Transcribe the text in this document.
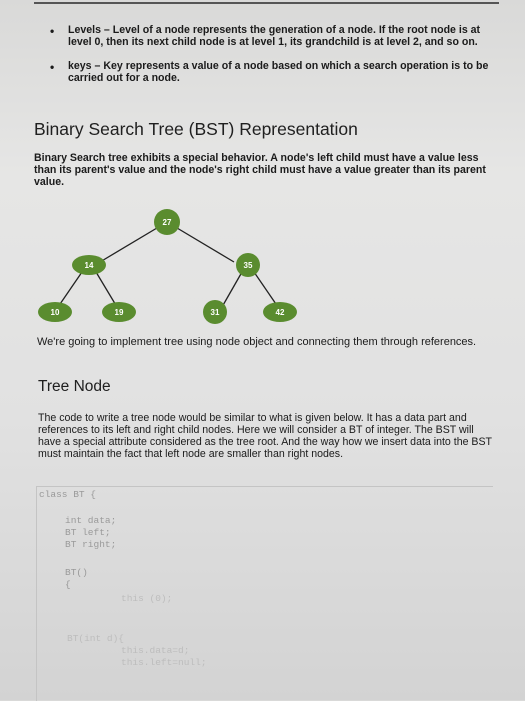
• Levels – Level of a node represents the generation of a node. If the root node is at level 0, then its next child node is at level 1, its grandchild is at level 2, and so on.
• keys – Key represents a value of a node based on which a search operation is to be carried out for a node.
Binary Search Tree (BST) Representation
Binary Search tree exhibits a special behavior. A node's left child must have a value less than its parent's value and the node's right child must have a value greater than its parent value.
27
14	35
10	19	31	42
We're going to implement tree using node object and connecting them through references.
Tree Node
The code to write a tree node would be similar to what is given below. It has a data part and references to its left and right child nodes. Here we will consider a BT of integer. The BST will have a special attribute considered as the tree root. And the way how we insert data into the BST must maintain the fact that left node are smaller than right nodes.
class BT {
int data;
BT left;
BT right;
BT()
{
this (0);
BT(int d){
this.data=d;
this.left=null;
